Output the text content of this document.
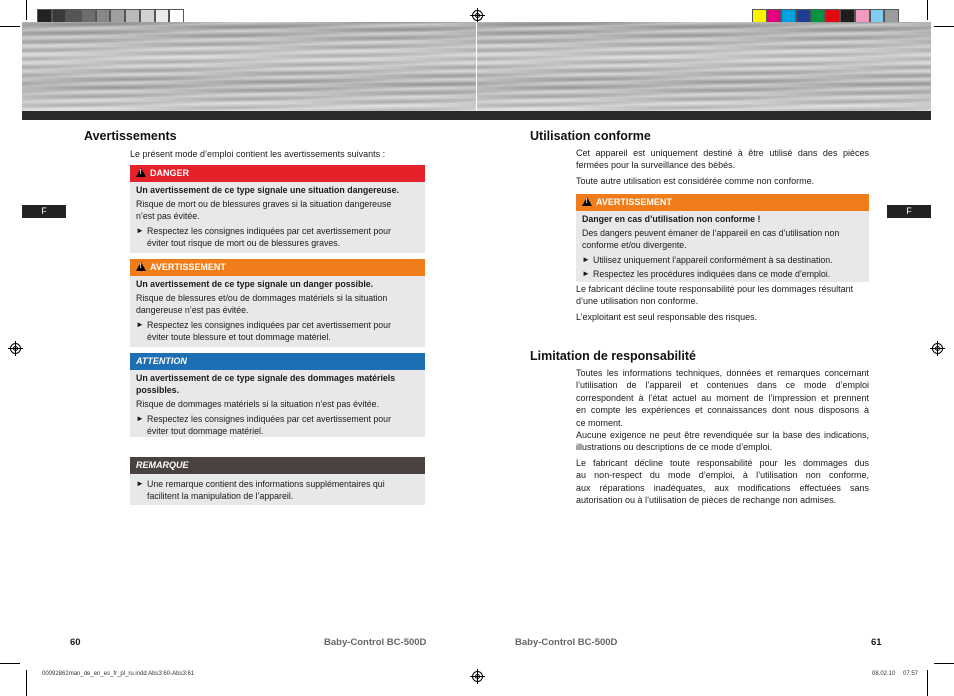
F	F
Avertissements
Le présent mode d’emploi contient les avertissements suivants :
!DANGER
Un avertissement de ce type signale une situation dangereuse.
Risque de mort ou de blessures graves si la situation dangereuse
n’est pas évitée.
► Respectez les consignes indiquées par cet avertissement pour
éviter tout risque de mort ou de blessures graves.
!AVERTISSEMENT
Un avertissement de ce type signale un danger possible.
Risque de blessures et/ou de dommages matériels si la situation
dangereuse n’est pas évitée.
► Respectez les consignes indiquées par cet avertissement pour
éviter toute blessure et tout dommage matériel.
ATTENTION
Un avertissement de ce type signale des dommages matériels
possibles.
Risque de dommages matériels si la situation n’est pas évitée.
► Respectez les consignes indiquées par cet avertissement pour
éviter tout dommage matériel.
REMARQUE
► Une remarque contient des informations supplémentaires qui
facilitent la manipulation de l’appareil.
Utilisation conforme
Cet appareil est uniquement destiné à être utilisé dans des pièces
fermées pour la surveillance des bébés.
Toute autre utilisation est considérée comme non conforme.
!AVERTISSEMENT
Danger en cas d’utilisation non conforme !
Des dangers peuvent émaner de l’appareil en cas d’utilisation non
conforme et/ou divergente.
► Utilisez uniquement l’appareil conformément à sa destination.
► Respectez les procédures indiquées dans ce mode d’emploi.
Le fabricant décline toute responsabilité pour les dommages résultant
d’une utilisation non conforme.
L’exploitant est seul responsable des risques.
Limitation de responsabilité
Toutes les informations techniques, données et remarques concernant
l’utilisation de l’appareil et contenues dans ce mode d’emploi
correspondent à l’état actuel au moment de l’impression et prennent
en compte les expériences et connaissances dont nous disposons à
ce moment.
Aucune exigence ne peut être revendiquée sur la base des indications,
illustrations ou descriptions de ce mode d’emploi.
Le fabricant décline toute responsabilité pour les dommages dus
au non-respect du mode d’emploi, à l’utilisation non conforme,
aux réparations inadéquates, aux modifications effectuées sans
autorisation ou à l’utilisation de pièces de rechange non admises.
60	Baby-Control BC-500D	Baby-Control BC-500D	61
00092862man_de_en_es_fr_pl_ru.indd Abs3:60-Abs3:61	08.02.10 07:57
